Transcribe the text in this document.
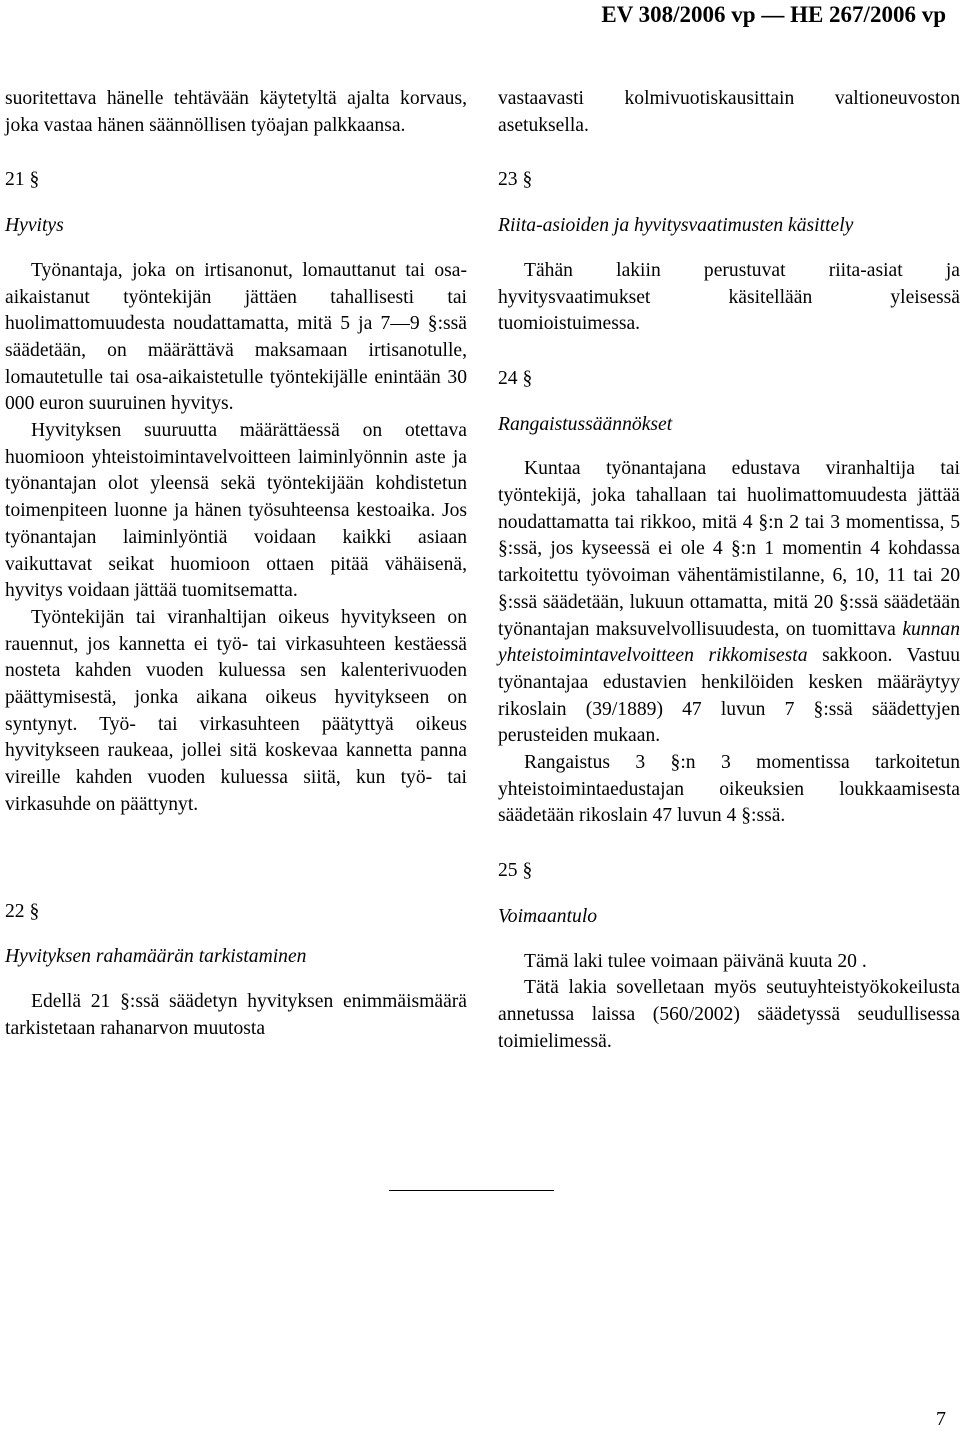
EV 308/2006 vp — HE 267/2006 vp

suoritettava hänelle tehtävään käytetyltä ajalta korvaus, joka vastaa hänen säännöllisen työajan palkkaansa.

21 §

Hyvitys

Työnantaja, joka on irtisanonut, lomauttanut tai osa-aikaistanut työntekijän jättäen tahallisesti tai huolimattomuudesta noudattamatta, mitä 5 ja 7—9 §:ssä säädetään, on määrättävä maksamaan irtisanotulle, lomautetulle tai osa-aikaistetulle työntekijälle enintään 30 000 euron suuruinen hyvitys.

Hyvityksen suuruutta määrättäessä on otettava huomioon yhteistoimintavelvoitteen laiminlyönnin aste ja työnantajan olot yleensä sekä työntekijään kohdistetun toimenpiteen luonne ja hänen työsuhteensa kestoaika. Jos työnantajan laiminlyöntiä voidaan kaikki asiaan vaikuttavat seikat huomioon ottaen pitää vähäisenä, hyvitys voidaan jättää tuomitsematta.

Työntekijän tai viranhaltijan oikeus hyvitykseen on rauennut, jos kannetta ei työ- tai virkasuhteen kestäessä nosteta kahden vuoden kuluessa sen kalenterivuoden päättymisestä, jonka aikana oikeus hyvitykseen on syntynyt. Työ- tai virkasuhteen päätyttyä oikeus hyvitykseen raukeaa, jollei sitä koskevaa kannetta panna vireille kahden vuoden kuluessa siitä, kun työ- tai virkasuhde on päättynyt.

22 §

Hyvityksen rahamäärän tarkistaminen

Edellä 21 §:ssä säädetyn hyvityksen enimmäismäärä tarkistetaan rahanarvon muutosta

vastaavasti kolmivuotiskausittain valtioneuvoston asetuksella.

23 §

Riita-asioiden ja hyvitysvaatimusten käsittely

Tähän lakiin perustuvat riita-asiat ja hyvitysvaatimukset käsitellään yleisessä tuomioistuimessa.

24 §

Rangaistussäännökset

Kuntaa työnantajana edustava viranhaltija tai työntekijä, joka tahallaan tai huolimattomuudesta jättää noudattamatta tai rikkoo, mitä 4 §:n 2 tai 3 momentissa, 5 §:ssä, jos kyseessä ei ole 4 §:n 1 momentin 4 kohdassa tarkoitettu työvoiman vähentämistilanne, 6, 10, 11 tai 20 §:ssä säädetään, lukuun ottamatta, mitä 20 §:ssä säädetään työnantajan maksuvelvollisuudesta, on tuomittava kunnan yhteistoimintavelvoitteen rikkomisesta sakkoon. Vastuu työnantajaa edustavien henkilöiden kesken määräytyy rikoslain (39/1889) 47 luvun 7 §:ssä säädettyjen perusteiden mukaan.

Rangaistus 3 §:n 3 momentissa tarkoitetun yhteistoimintaedustajan oikeuksien loukkaamisesta säädetään rikoslain 47 luvun 4 §:ssä.

25 §

Voimaantulo

Tämä laki tulee voimaan päivänä kuuta 20 .

Tätä lakia sovelletaan myös seutuyhteistyökokeilusta annetussa laissa (560/2002) säädetyssä seudullisessa toimielimessä.

7
